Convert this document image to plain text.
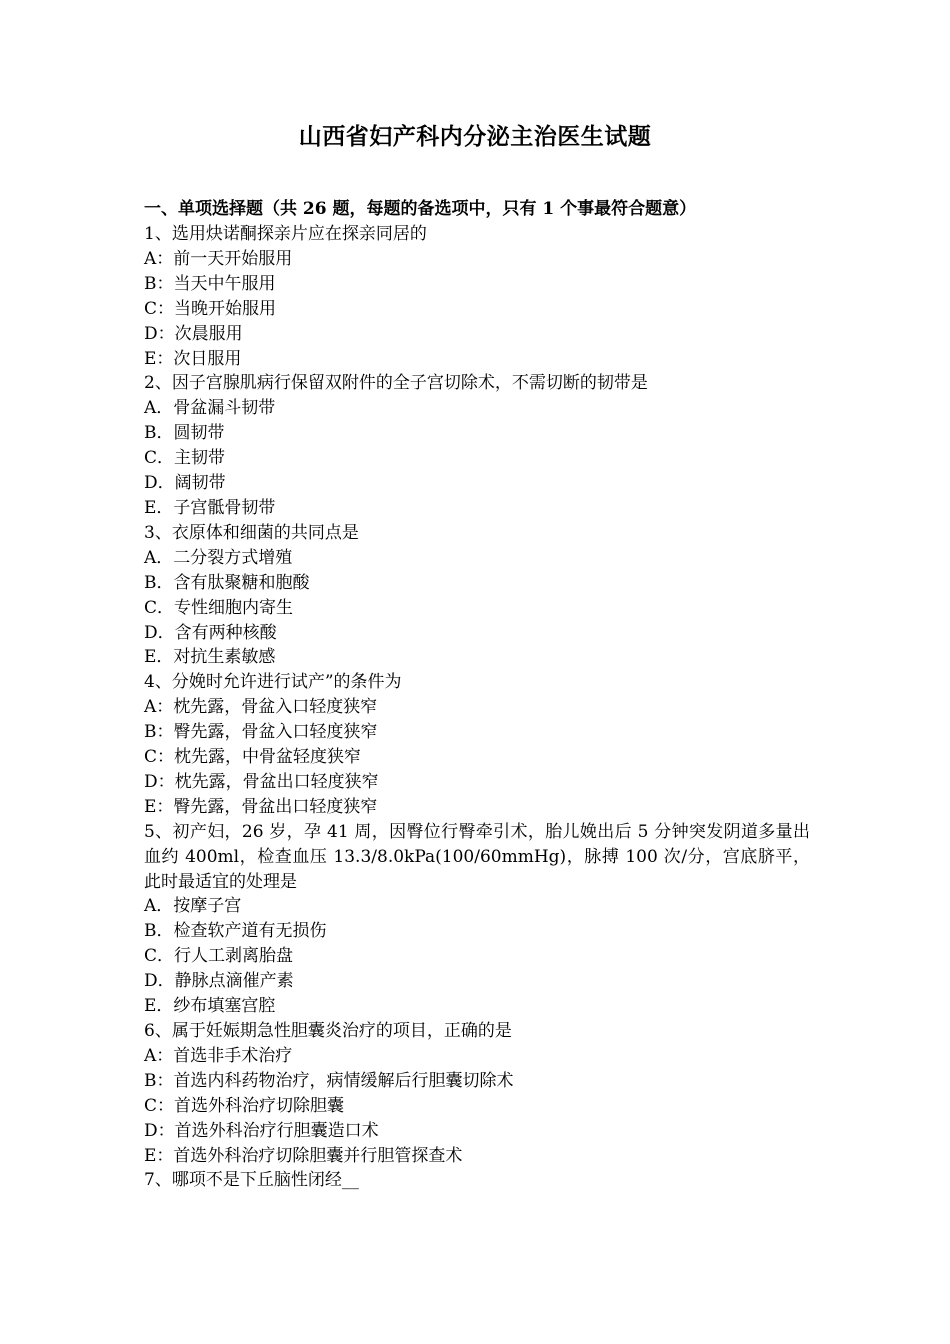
山西省妇产科内分泌主治医生试题
一、单项选择题（共 26 题，每题的备选项中，只有 1 个事最符合题意）

1、选用炔诺酮探亲片应在探亲同居的

A：前一天开始服用

B：当天中午服用

C：当晚开始服用

D：次晨服用

E：次日服用

2、因子宫腺肌病行保留双附件的全子宫切除术，不需切断的韧带是

A．骨盆漏斗韧带

B．圆韧带

C．主韧带

D．阔韧带

E．子宫骶骨韧带

3、衣原体和细菌的共同点是

A．二分裂方式增殖

B．含有肽聚糖和胞酸

C．专性细胞内寄生

D．含有两种核酸

E．对抗生素敏感

4、分娩时允许进行试产”的条件为

A：枕先露，骨盆入口轻度狭窄

B：臀先露，骨盆入口轻度狭窄

C：枕先露，中骨盆轻度狭窄

D：枕先露，骨盆出口轻度狭窄

E：臀先露，骨盆出口轻度狭窄

5、初产妇，26 岁，孕 41 周，因臀位行臀牵引术，胎儿娩出后 5 分钟突发阴道多量出血约 400ml，检查血压 13.3/8.0kPa(100/60mmHg)，脉搏 100 次/分，宫底脐平，此时最适宜的处理是

A．按摩子宫

B．检查软产道有无损伤

C．行人工剥离胎盘

D．静脉点滴催产素

E．纱布填塞宫腔

6、属于妊娠期急性胆囊炎治疗的项目，正确的是

A：首选非手术治疗

B：首选内科药物治疗，病情缓解后行胆囊切除术

C：首选外科治疗切除胆囊

D：首选外科治疗行胆囊造口术

E：首选外科治疗切除胆囊并行胆管探查术

7、哪项不是下丘脑性闭经__
